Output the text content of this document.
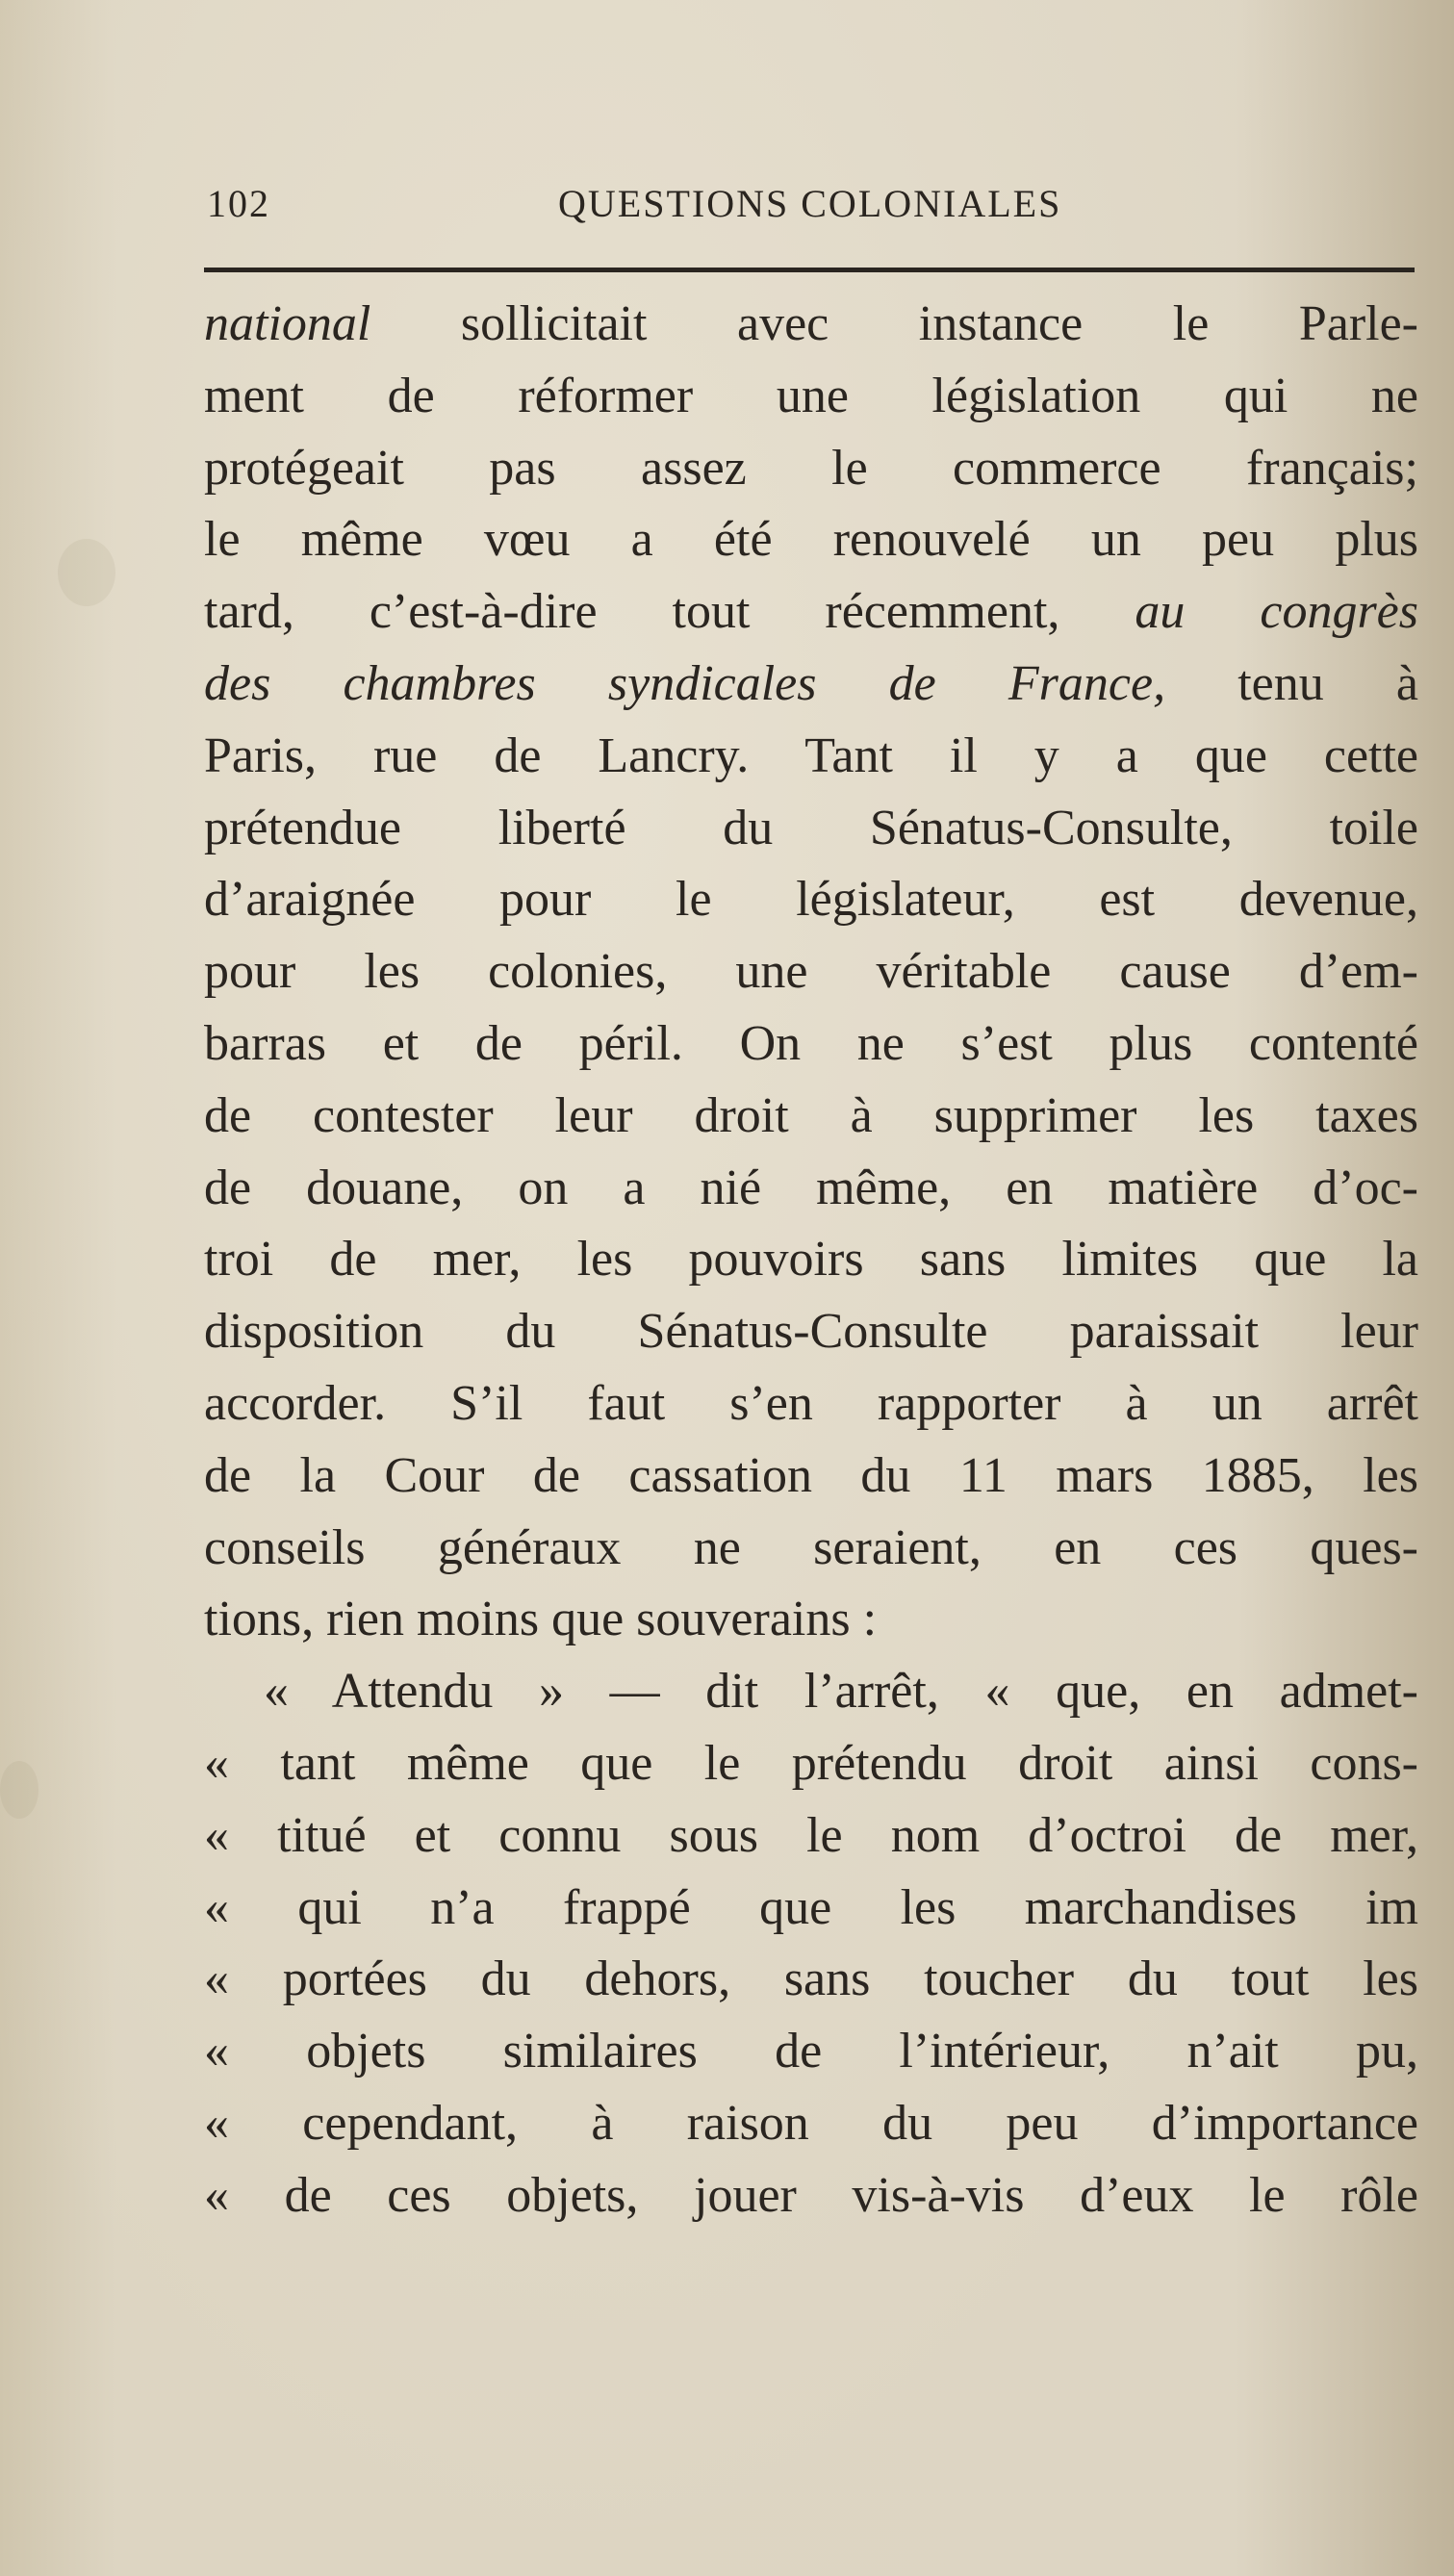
102	QUESTIONS COLONIALES
national sollicitait avec instance le Parle-
ment de réformer une législation qui ne
protégeait pas assez le commerce français;
le même vœu a été renouvelé un peu plus
tard, c’est-à-dire tout récemment, au congrès
des chambres syndicales de France, tenu à
Paris, rue de Lancry. Tant il y a que cette
prétendue liberté du Sénatus-Consulte, toile
d’araignée pour le législateur, est devenue,
pour les colonies, une véritable cause d’em-
barras et de péril. On ne s’est plus contenté
de contester leur droit à supprimer les taxes
de douane, on a nié même, en matière d’oc-
troi de mer, les pouvoirs sans limites que la
disposition du Sénatus-Consulte paraissait leur
accorder. S’il faut s’en rapporter à un arrêt
de la Cour de cassation du 11 mars 1885, les
conseils généraux ne seraient, en ces ques-
tions, rien moins que souverains :
« Attendu » — dit l’arrêt, « que, en admet-
« tant même que le prétendu droit ainsi cons-
« titué et connu sous le nom d’octroi de mer,
« qui n’a frappé que les marchandises im
« portées du dehors, sans toucher du tout les
« objets similaires de l’intérieur, n’ait pu,
« cependant, à raison du peu d’importance
« de ces objets, jouer vis-à-vis d’eux le rôle
